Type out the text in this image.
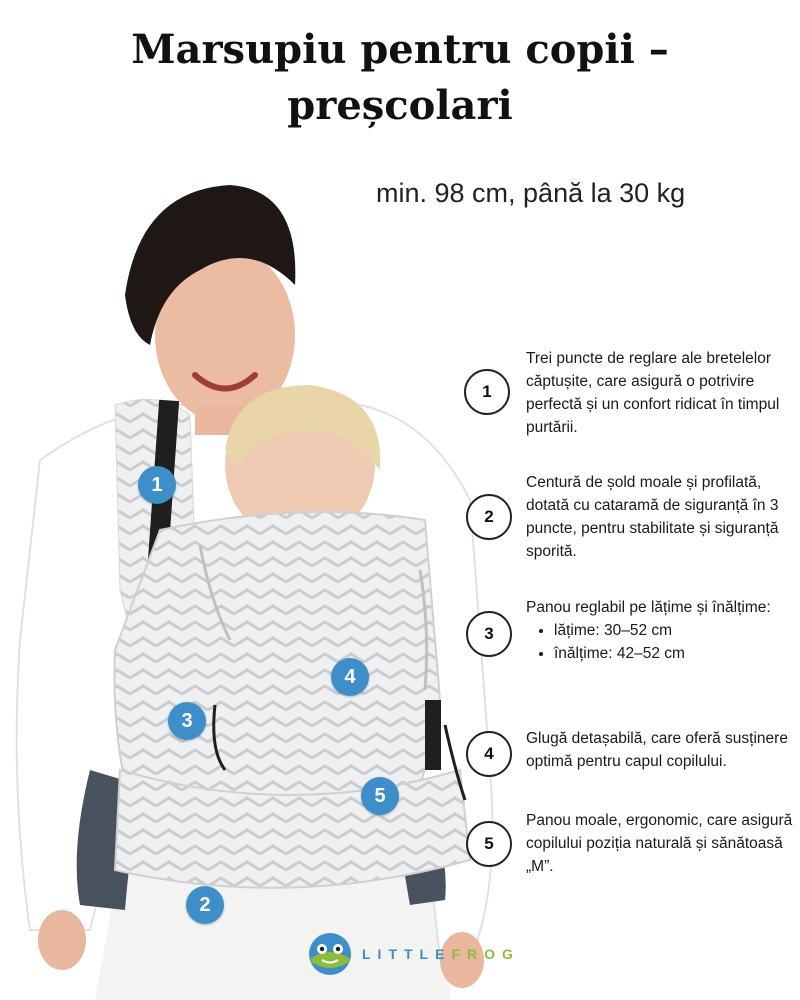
Marsupiu pentru copii –
preșcolari
min. 98 cm, până la 30 kg
1
2
3
4
5
1
Trei puncte de reglare ale bretelelor căptușite, care asigură o potrivire perfectă și un confort ridicat în timpul purtării.
2
Centură de șold moale și profilată, dotată cu cataramă de siguranță în 3 puncte, pentru stabilitate și siguranță sporită.
3
Panou reglabil pe lățime și înălțime:
• lățime: 30–52 cm
• înălțime: 42–52 cm
4
Glugă detașabilă, care oferă susținere optimă pentru capul copilului.
5
Panou moale, ergonomic, care asigură copilului poziția naturală și sănătoasă „M”.
LITTLEFROG
